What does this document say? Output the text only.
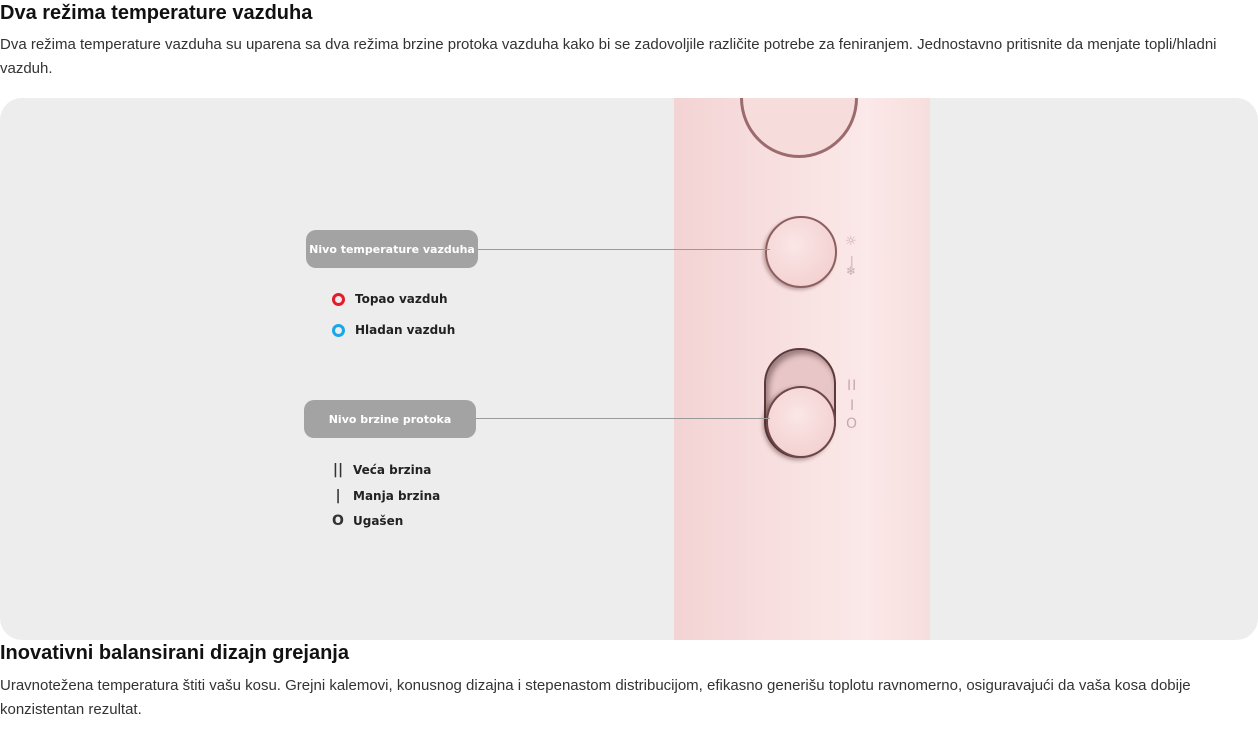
Dva režima temperature vazduha

Dva režima temperature vazduha su uparena sa dva režima brzine protoka vazduha kako bi se zadovoljile različite potrebe za feniranjem. Jednostavno pritisnite da menjate topli/hladni vazduh.

☼
|
❄
II
I
O
Nivo temperature vazduha
Nivo brzine protoka
Topao vazduh
Hladan vazduh
|| Veća brzina
|	Manja brzina
O Ugašen
Inovativni balansirani dizajn grejanja

Uravnotežena temperatura štiti vašu kosu. Grejni kalemovi, konusnog dizajna i stepenastom distribucijom, efikasno generišu toplotu ravnomerno, osiguravajući da vaša kosa dobije konzistentan rezultat.
